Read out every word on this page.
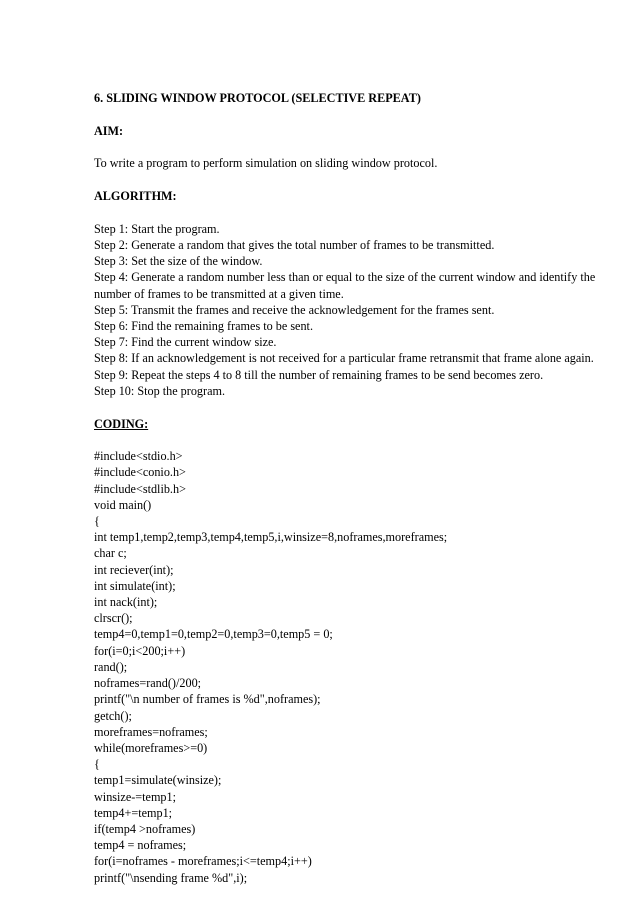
6. SLIDING WINDOW PROTOCOL (SELECTIVE REPEAT)

AIM:

To write a program to perform simulation on sliding window protocol.

ALGORITHM:

Step 1: Start the program.
Step 2: Generate a random that gives the total number of frames to be transmitted.
Step 3: Set the size of the window.
Step 4: Generate a random number less than or equal to the size of the current window and identify the number of frames to be transmitted at a given time.
Step 5: Transmit the frames and receive the acknowledgement for the frames sent.
Step 6: Find the remaining frames to be sent.
Step 7: Find the current window size.
Step 8: If an acknowledgement is not received for a particular frame retransmit that frame alone again.
Step 9: Repeat the steps 4 to 8 till the number of remaining frames to be send becomes zero.
Step 10: Stop the program.

CODING:

#include<stdio.h>
#include<conio.h>
#include<stdlib.h>
void main()
{
int temp1,temp2,temp3,temp4,temp5,i,winsize=8,noframes,moreframes;
char c;
int reciever(int);
int simulate(int);
int nack(int);
clrscr();
temp4=0,temp1=0,temp2=0,temp3=0,temp5 = 0;
for(i=0;i<200;i++)
rand();
noframes=rand()/200;
printf("\n number of frames is %d",noframes);
getch();
moreframes=noframes;
while(moreframes>=0)
{
temp1=simulate(winsize);
winsize-=temp1;
temp4+=temp1;
if(temp4 >noframes)
temp4 = noframes;
for(i=noframes - moreframes;i<=temp4;i++)
printf("\nsending frame %d",i);
